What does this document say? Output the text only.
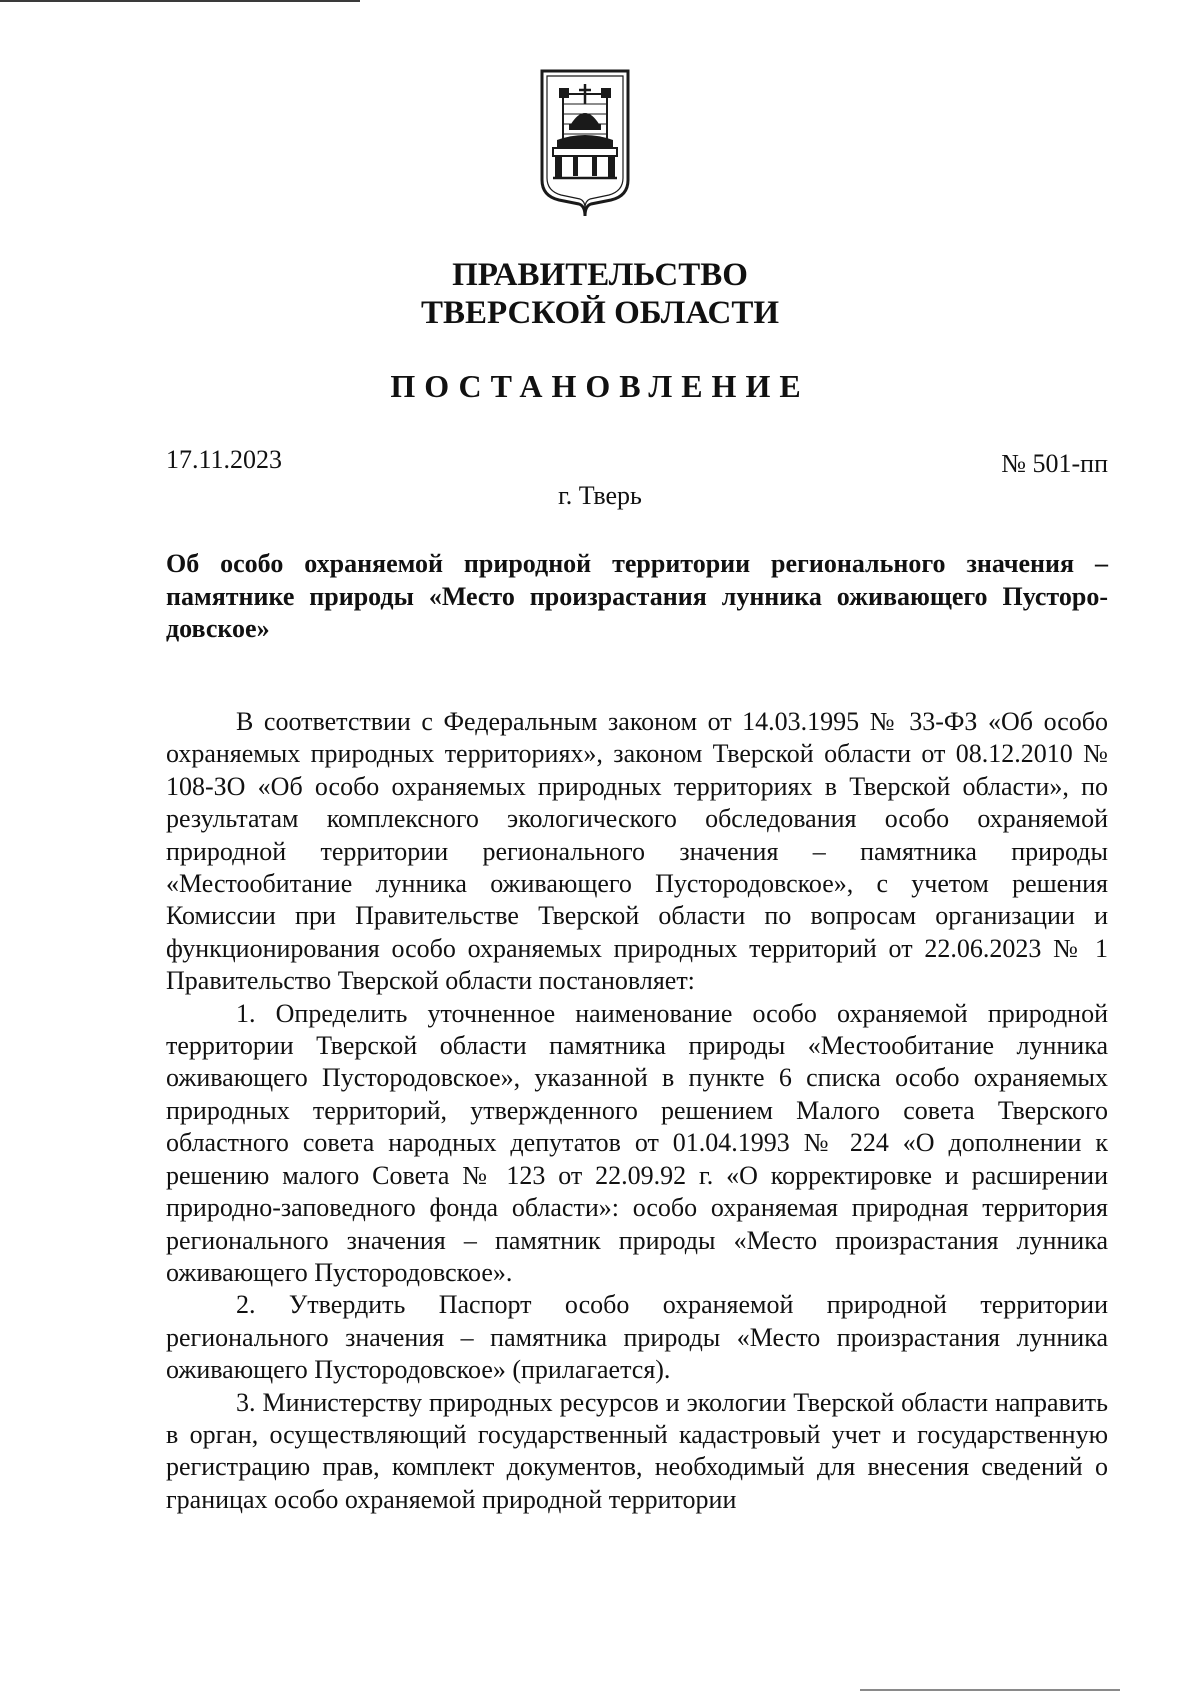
ПРАВИТЕЛЬСТВО
ТВЕРСКОЙ ОБЛАСТИ
ПОСТАНОВЛЕНИЕ
17.11.2023	№ 501-пп
г. Тверь
Об особо охраняемой природной территории регионального значения – памятнике природы «Место произрастания лунника оживающего Пустородовское»

В соответствии с Федеральным законом от 14.03.1995 № 33-ФЗ «Об особо охраняемых природных территориях», законом Тверской области от 08.12.2010 № 108-ЗО «Об особо охраняемых природных территориях в Тверской области», по результатам комплексного экологического обследования особо охраняемой природной территории регионального значения – памятника природы «Местообитание лунника оживающего Пустородовское», с учетом решения Комиссии при Правительстве Тверской области по вопросам организации и функционирования особо охраняемых природных территорий от 22.06.2023 № 1 Правительство Тверской области постановляет:

1. Определить уточненное наименование особо охраняемой природной территории Тверской области памятника природы «Местообитание лунника оживающего Пустородовское», указанной в пункте 6 списка особо охраняемых природных территорий, утвержденного решением Малого совета Тверского областного совета народных депутатов от 01.04.1993 № 224 «О дополнении к решению малого Совета № 123 от 22.09.92 г. «О корректировке и расширении природно-заповедного фонда области»: особо охраняемая природная территория регионального значения – памятник природы «Место произрастания лунника оживающего Пустородовское».

2. Утвердить Паспорт особо охраняемой природной территории регионального значения – памятника природы «Место произрастания лунника оживающего Пустородовское» (прилагается).

3. Министерству природных ресурсов и экологии Тверской области направить в орган, осуществляющий государственный кадастровый учет и государственную регистрацию прав, комплект документов, необходимый для внесения сведений о границах особо охраняемой природной территории
